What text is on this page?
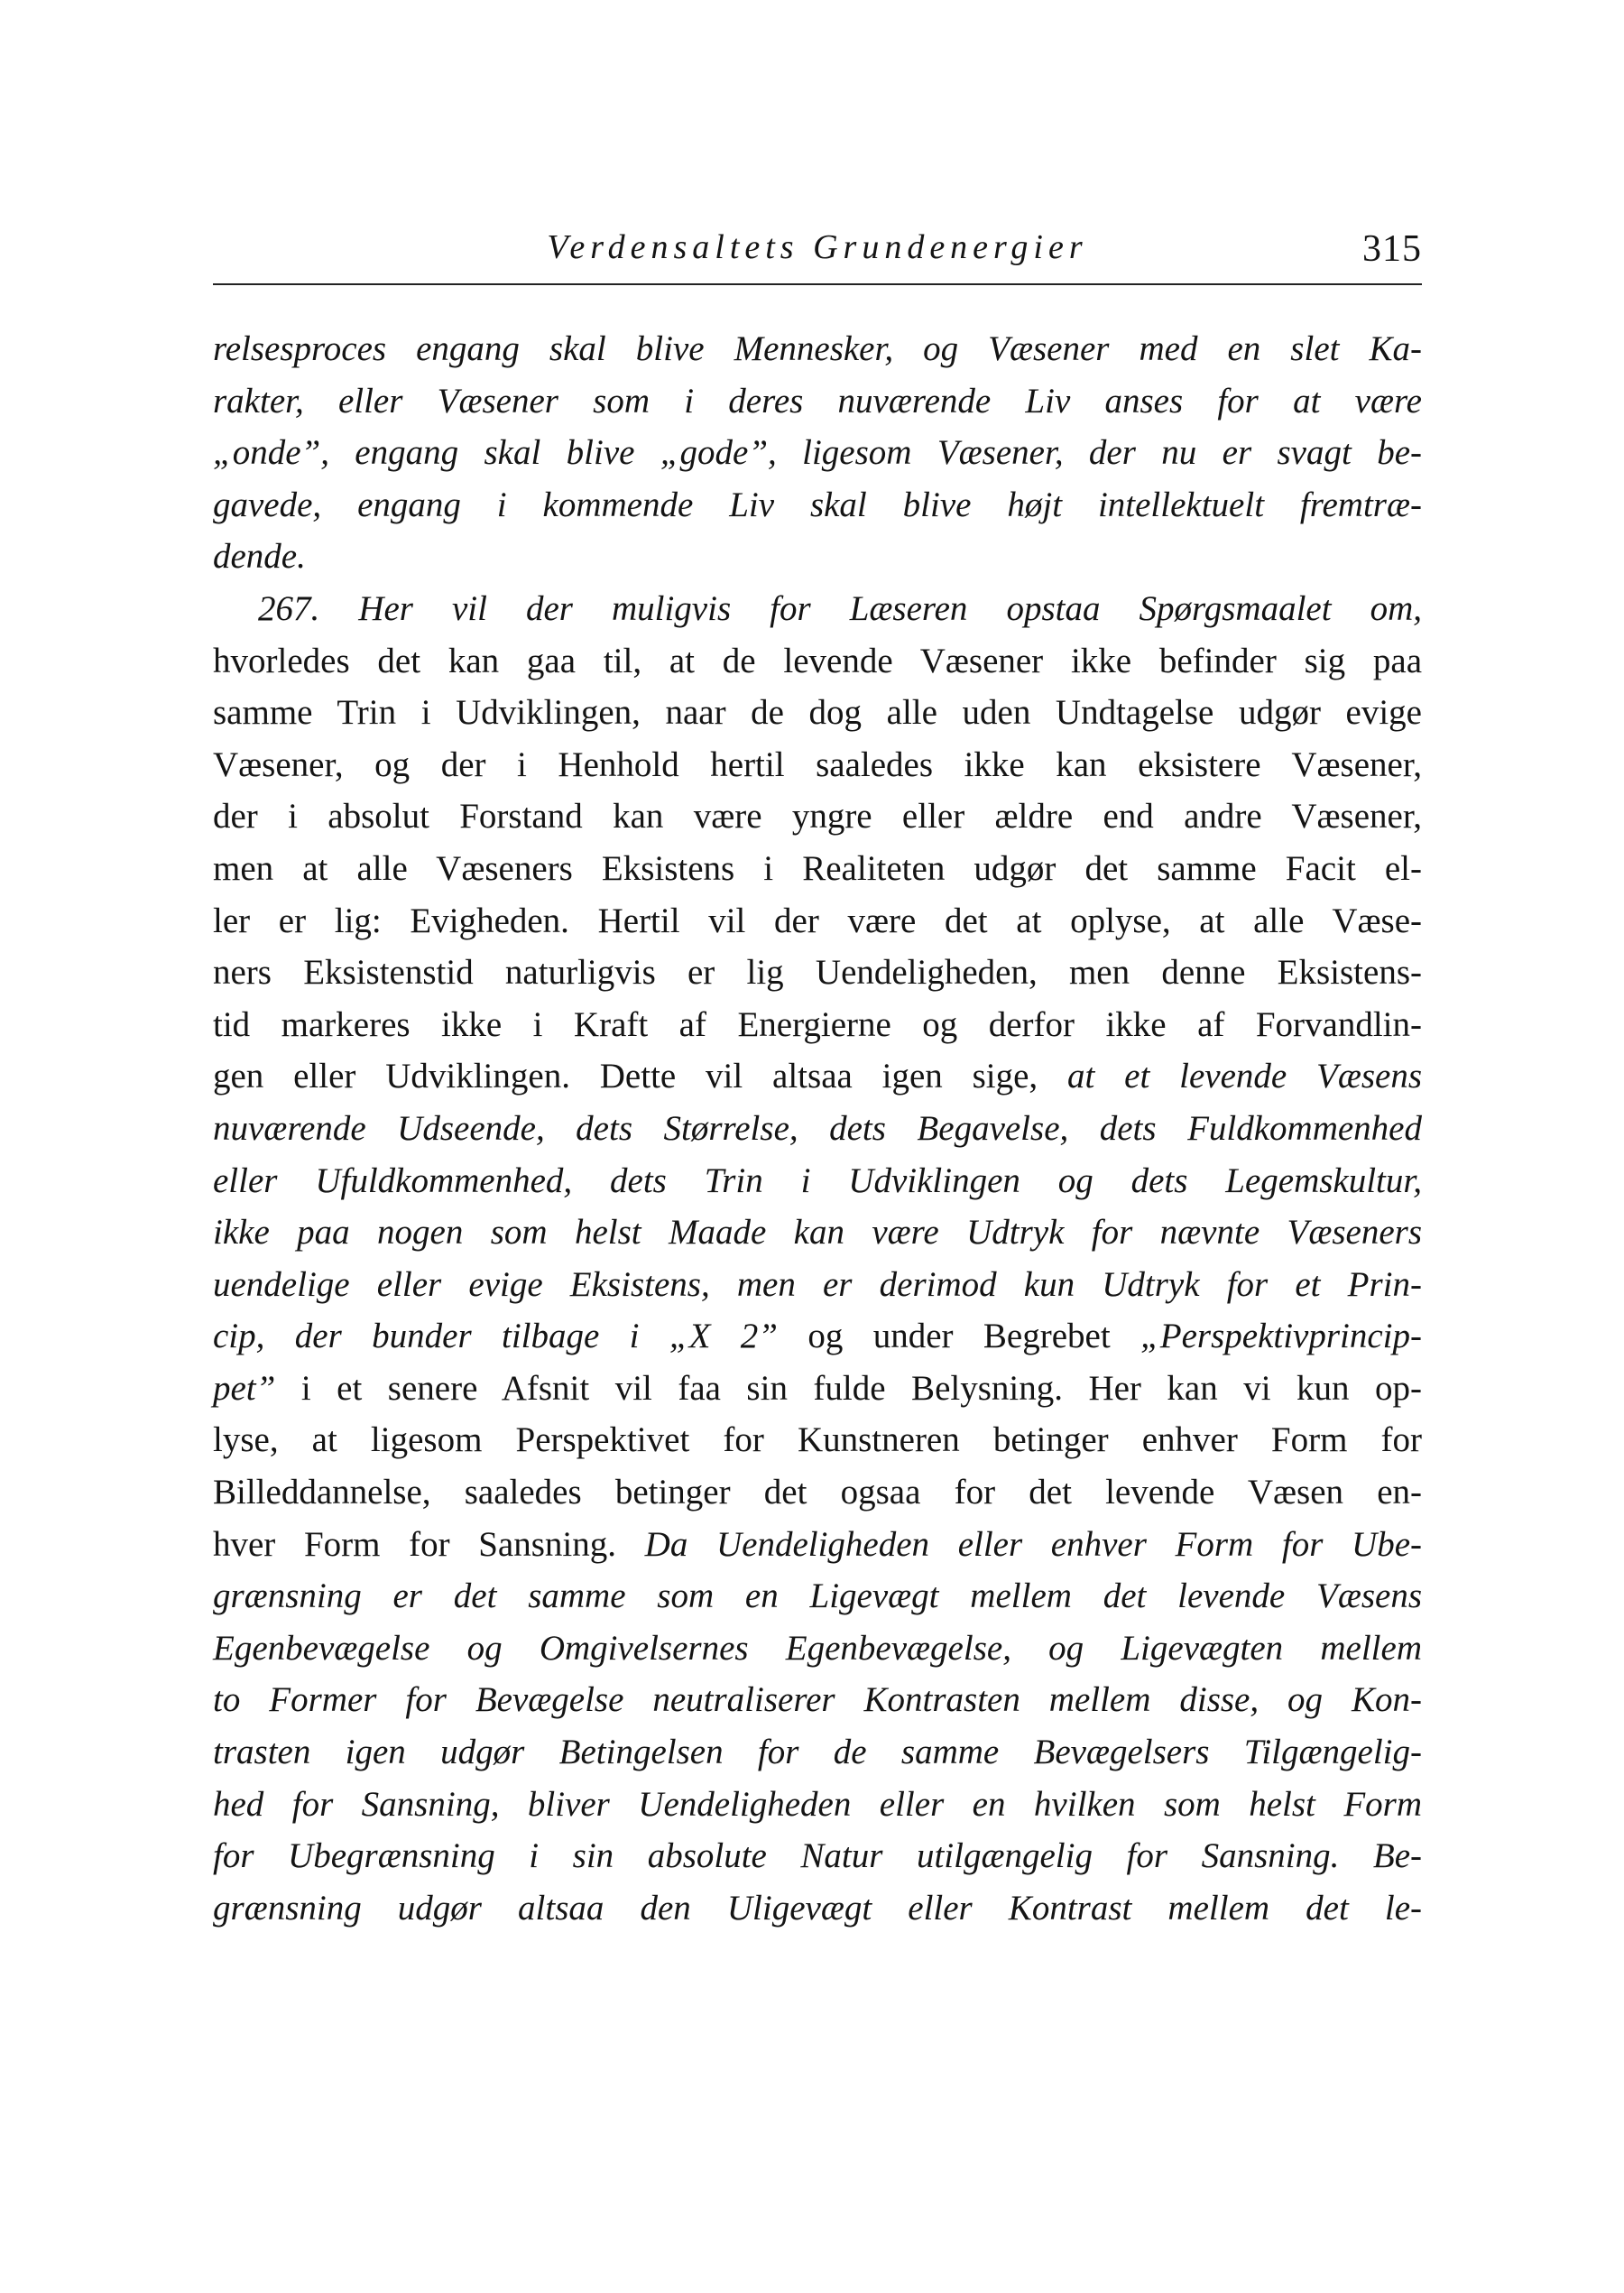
Verdensaltets Grundenergier	315
relsesproces engang skal blive Mennesker, og Væsener med en slet Ka-
rakter, eller Væsener som i deres nuværende Liv anses for at være
„onde”, engang skal blive „gode”, ligesom Væsener, der nu er svagt be-
gavede, engang i kommende Liv skal blive højt intellektuelt fremtræ-
dende.
267. Her vil der muligvis for Læseren opstaa Spørgsmaalet om,
hvorledes det kan gaa til, at de levende Væsener ikke befinder sig paa
samme Trin i Udviklingen, naar de dog alle uden Undtagelse udgør evige
Væsener, og der i Henhold hertil saaledes ikke kan eksistere Væsener,
der i absolut Forstand kan være yngre eller ældre end andre Væsener,
men at alle Væseners Eksistens i Realiteten udgør det samme Facit el-
ler er lig: Evigheden. Hertil vil der være det at oplyse, at alle Væse-
ners Eksistenstid naturligvis er lig Uendeligheden, men denne Eksistens-
tid markeres ikke i Kraft af Energierne og derfor ikke af Forvandlin-
gen eller Udviklingen. Dette vil altsaa igen sige, at et levende Væsens
nuværende Udseende, dets Størrelse, dets Begavelse, dets Fuldkommenhed
eller Ufuldkommenhed, dets Trin i Udviklingen og dets Legemskultur,
ikke paa nogen som helst Maade kan være Udtryk for nævnte Væseners
uendelige eller evige Eksistens, men er derimod kun Udtryk for et Prin-
cip, der bunder tilbage i „X 2” og under Begrebet „Perspektivprincip-
pet” i et senere Afsnit vil faa sin fulde Belysning. Her kan vi kun op-
lyse, at ligesom Perspektivet for Kunstneren betinger enhver Form for
Billeddannelse, saaledes betinger det ogsaa for det levende Væsen en-
hver Form for Sansning. Da Uendeligheden eller enhver Form for Ube-
grænsning er det samme som en Ligevægt mellem det levende Væsens
Egenbevægelse og Omgivelsernes Egenbevægelse, og Ligevægten mellem
to Former for Bevægelse neutraliserer Kontrasten mellem disse, og Kon-
trasten igen udgør Betingelsen for de samme Bevægelsers Tilgængelig-
hed for Sansning, bliver Uendeligheden eller en hvilken som helst Form
for Ubegrænsning i sin absolute Natur utilgængelig for Sansning. Be-
grænsning udgør altsaa den Uligevægt eller Kontrast mellem det le-
